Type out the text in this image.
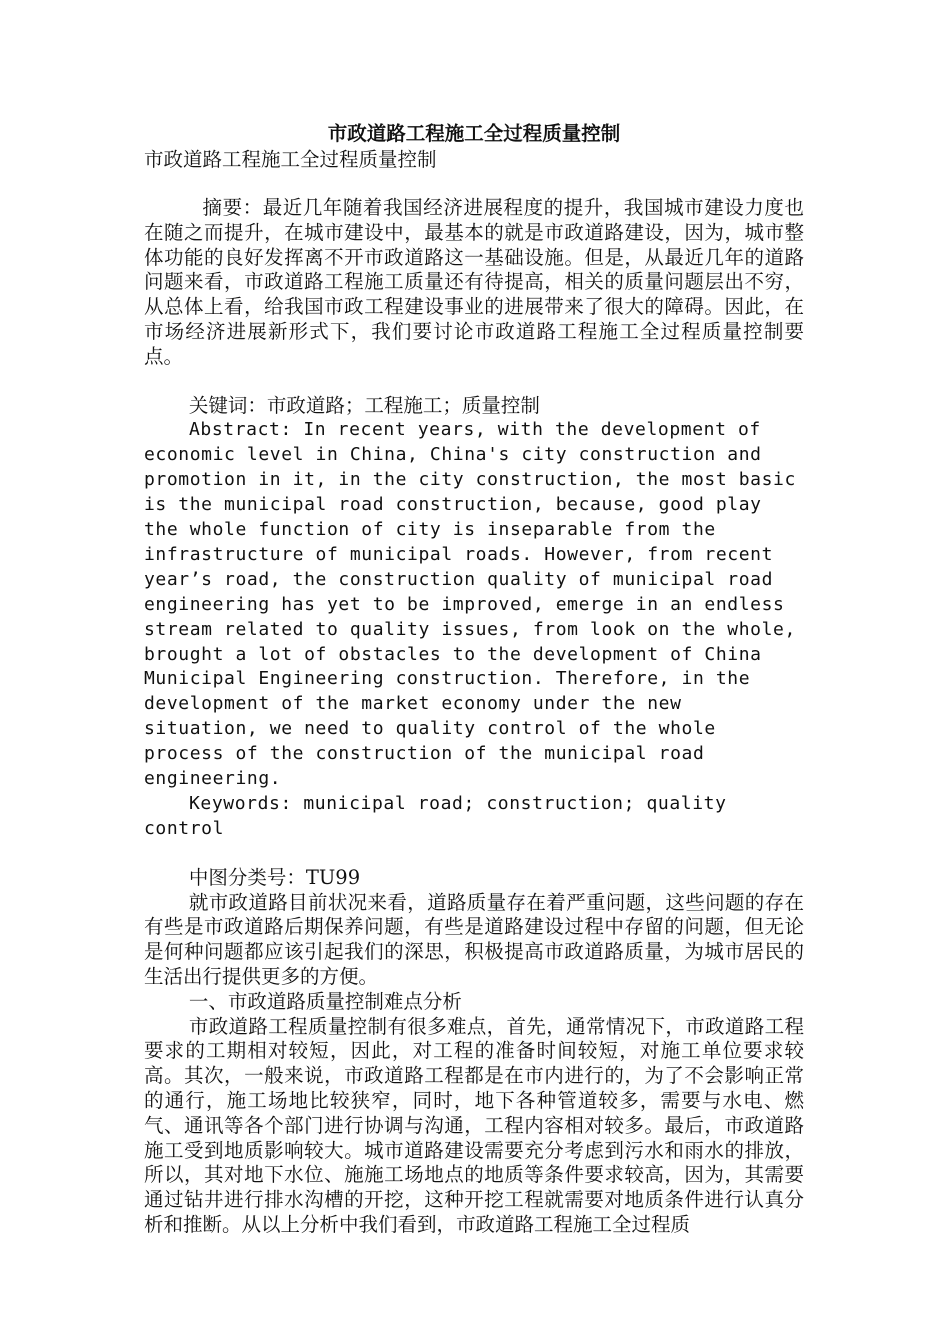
市政道路工程施工全过程质量控制
市政道路工程施工全过程质量控制

摘要：最近几年随着我国经济进展程度的提升，我国城市建设力度也在随之而提升，在城市建设中，最基本的就是市政道路建设，因为，城市整体功能的良好发挥离不开市政道路这一基础设施。但是，从最近几年的道路问题来看，市政道路工程施工质量还有待提高，相关的质量问题层出不穷，从总体上看，给我国市政工程建设事业的进展带来了很大的障碍。因此，在市场经济进展新形式下，我们要讨论市政道路工程施工全过程质量控制要点。

关键词：市政道路；工程施工；质量控制

Abstract: In recent years, with the development of economic level in China, China's city construction and promotion in it, in the city construction, the most basic is the municipal road construction, because, good play the whole function of city is inseparable from the infrastructure of municipal roads. However, from recent year’s road, the construction quality of municipal road engineering has yet to be improved, emerge in an endless stream related to quality issues, from look on the whole, brought a lot of obstacles to the development of China Municipal Engineering construction. Therefore, in the development of the market economy under the new situation, we need to quality control of the whole process of the construction of the municipal road engineering.

Keywords: municipal road; construction; quality control

中图分类号：TU99

就市政道路目前状况来看，道路质量存在着严重问题，这些问题的存在有些是市政道路后期保养问题，有些是道路建设过程中存留的问题，但无论是何种问题都应该引起我们的深思，积极提高市政道路质量，为城市居民的生活出行提供更多的方便。

一、市政道路质量控制难点分析

市政道路工程质量控制有很多难点，首先，通常情况下，市政道路工程要求的工期相对较短，因此，对工程的准备时间较短，对施工单位要求较高。其次，一般来说，市政道路工程都是在市内进行的，为了不会影响正常的通行，施工场地比较狭窄，同时，地下各种管道较多，需要与水电、燃气、通讯等各个部门进行协调与沟通，工程内容相对较多。最后，市政道路施工受到地质影响较大。城市道路建设需要充分考虑到污水和雨水的排放，所以，其对地下水位、施施工场地点的地质等条件要求较高，因为，其需要通过钻井进行排水沟槽的开挖，这种开挖工程就需要对地质条件进行认真分析和推断。从以上分析中我们看到，市政道路工程施工全过程质
